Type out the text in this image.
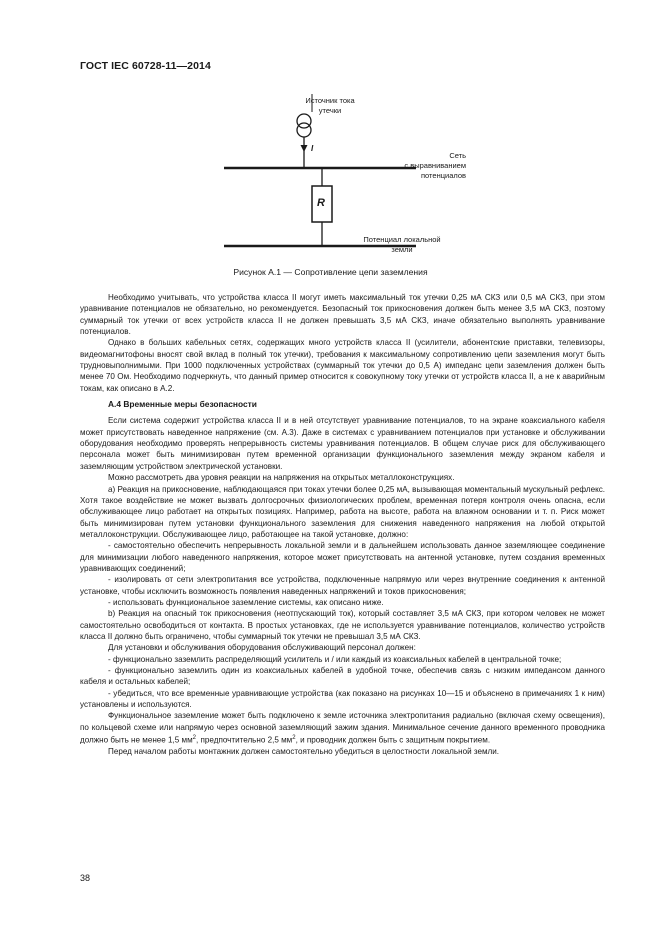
ГОСТ IEC 60728-11—2014
Источник тока
утечки
I
Сеть
с выравниванием
потенциалов
R
Потенциал локальной
земли
Рисунок А.1 — Сопротивление цепи заземления

Необходимо учитывать, что устройства класса II могут иметь максимальный ток утечки 0,25 мА СКЗ или 0,5 мА СКЗ, при этом уравнивание потенциалов не обязательно, но рекомендуется. Безопасный ток прикосновения должен быть менее 3,5 мА СКЗ, поэтому суммарный ток утечки от всех устройств класса II не должен превышать 3,5 мА СКЗ, иначе обязательно выполнять уравнивание потенциалов.

Однако в больших кабельных сетях, содержащих много устройств класса II (усилители, абонентские приставки, телевизоры, видеомагнитофоны вносят свой вклад в полный ток утечки), требования к максимальному сопротивлению цепи заземления могут быть трудновыполнимыми. При 1000 подключенных устройствах (суммарный ток утечки до 0,5 А) импеданс цепи заземления должен быть менее 70 Ом. Необходимо подчеркнуть, что данный пример относится к совокупному току утечки от устройств класса II, а не к аварийным токам, как описано в А.2.

А.4 Временные меры безопасности

Если система содержит устройства класса II и в ней отсутствует уравнивание потенциалов, то на экране коаксиального кабеля может присутствовать наведенное напряжение (см. А.3). Даже в системах с уравниванием потенциалов при установке и обслуживании оборудования необходимо проверять непрерывность системы уравнивания потенциалов. В общем случае риск для обслуживающего персонала может быть минимизирован путем временной организации функционального заземления между экраном кабеля и заземляющим устройством электрической установки.

Можно рассмотреть два уровня реакции на напряжения на открытых металлоконструкциях.

а) Реакция на прикосновение, наблюдающаяся при токах утечки более 0,25 мА, вызывающая моментальный мускульный рефлекс. Хотя такое воздействие не может вызвать долгосрочных физиологических проблем, временная потеря контроля очень опасна, если обслуживающее лицо работает на открытых позициях. Например, работа на высоте, работа на влажном основании и т. п. Риск может быть минимизирован путем установки функционального заземления для снижения наведенного напряжения на любой открытой металлоконструкции. Обслуживающее лицо, работающее на такой установке, должно:

- самостоятельно обеспечить непрерывность локальной земли и в дальнейшем использовать данное заземляющее соединение для минимизации любого наведенного напряжения, которое может присутствовать на антенной установке, путем создания временных уравнивающих соединений;

- изолировать от сети электропитания все устройства, подключенные напрямую или через внутренние соединения к антенной установке, чтобы исключить возможность появления наведенных напряжений и токов прикосновения;

- использовать функциональное заземление системы, как описано ниже.

b) Реакция на опасный ток прикосновения (неотпускающий ток), который составляет 3,5 мА СКЗ, при котором человек не может самостоятельно освободиться от контакта. В простых установках, где не используется уравнивание потенциалов, количество устройств класса II должно быть ограничено, чтобы суммарный ток утечки не превышал 3,5 мА СКЗ.

Для установки и обслуживания оборудования обслуживающий персонал должен:

- функционально заземлить распределяющий усилитель и / или каждый из коаксиальных кабелей в центральной точке;

- функционально заземлить один из коаксиальных кабелей в удобной точке, обеспечив связь с низким импедансом данного кабеля и остальных кабелей;

- убедиться, что все временные уравнивающие устройства (как показано на рисунках 10—15 и объяснено в примечаниях 1 к ним) установлены и используются.

Функциональное заземление может быть подключено к земле источника электропитания радиально (включая схему освещения), по кольцевой схеме или напрямую через основной заземляющий зажим здания. Минимальное сечение данного временного проводника должно быть не менее 1,5 $мм^2$, предпочтительно 2,5 $мм^2$, и проводник должен быть с защитным покрытием.

Перед началом работы монтажник должен самостоятельно убедиться в целостности локальной земли.

38
